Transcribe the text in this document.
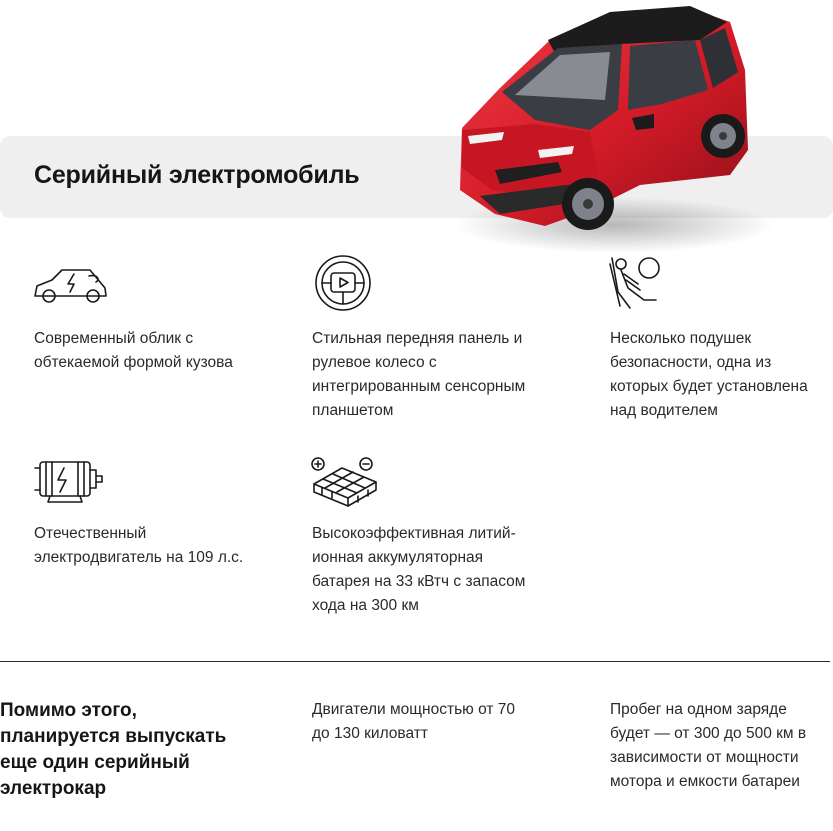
Серийный электромобиль
Современный облик с обтекаемой формой кузова
Стильная передняя панель и рулевое колесо с интегрированным сенсорным планшетом
Несколько подушек безопасности, одна из которых будет установлена над водителем
Отечественный электродвигатель на 109 л.с.
Высокоэффективная литий-ионная аккумуляторная батарея на 33 кВтч с запасом хода на 300 км
Помимо этого, планируется выпускать еще один серийный электрокар
Двигатели мощностью от 70 до 130 киловатт
Пробег на одном заряде будет — от 300 до 500 км в зависимости от мощности мотора и емкости батареи
